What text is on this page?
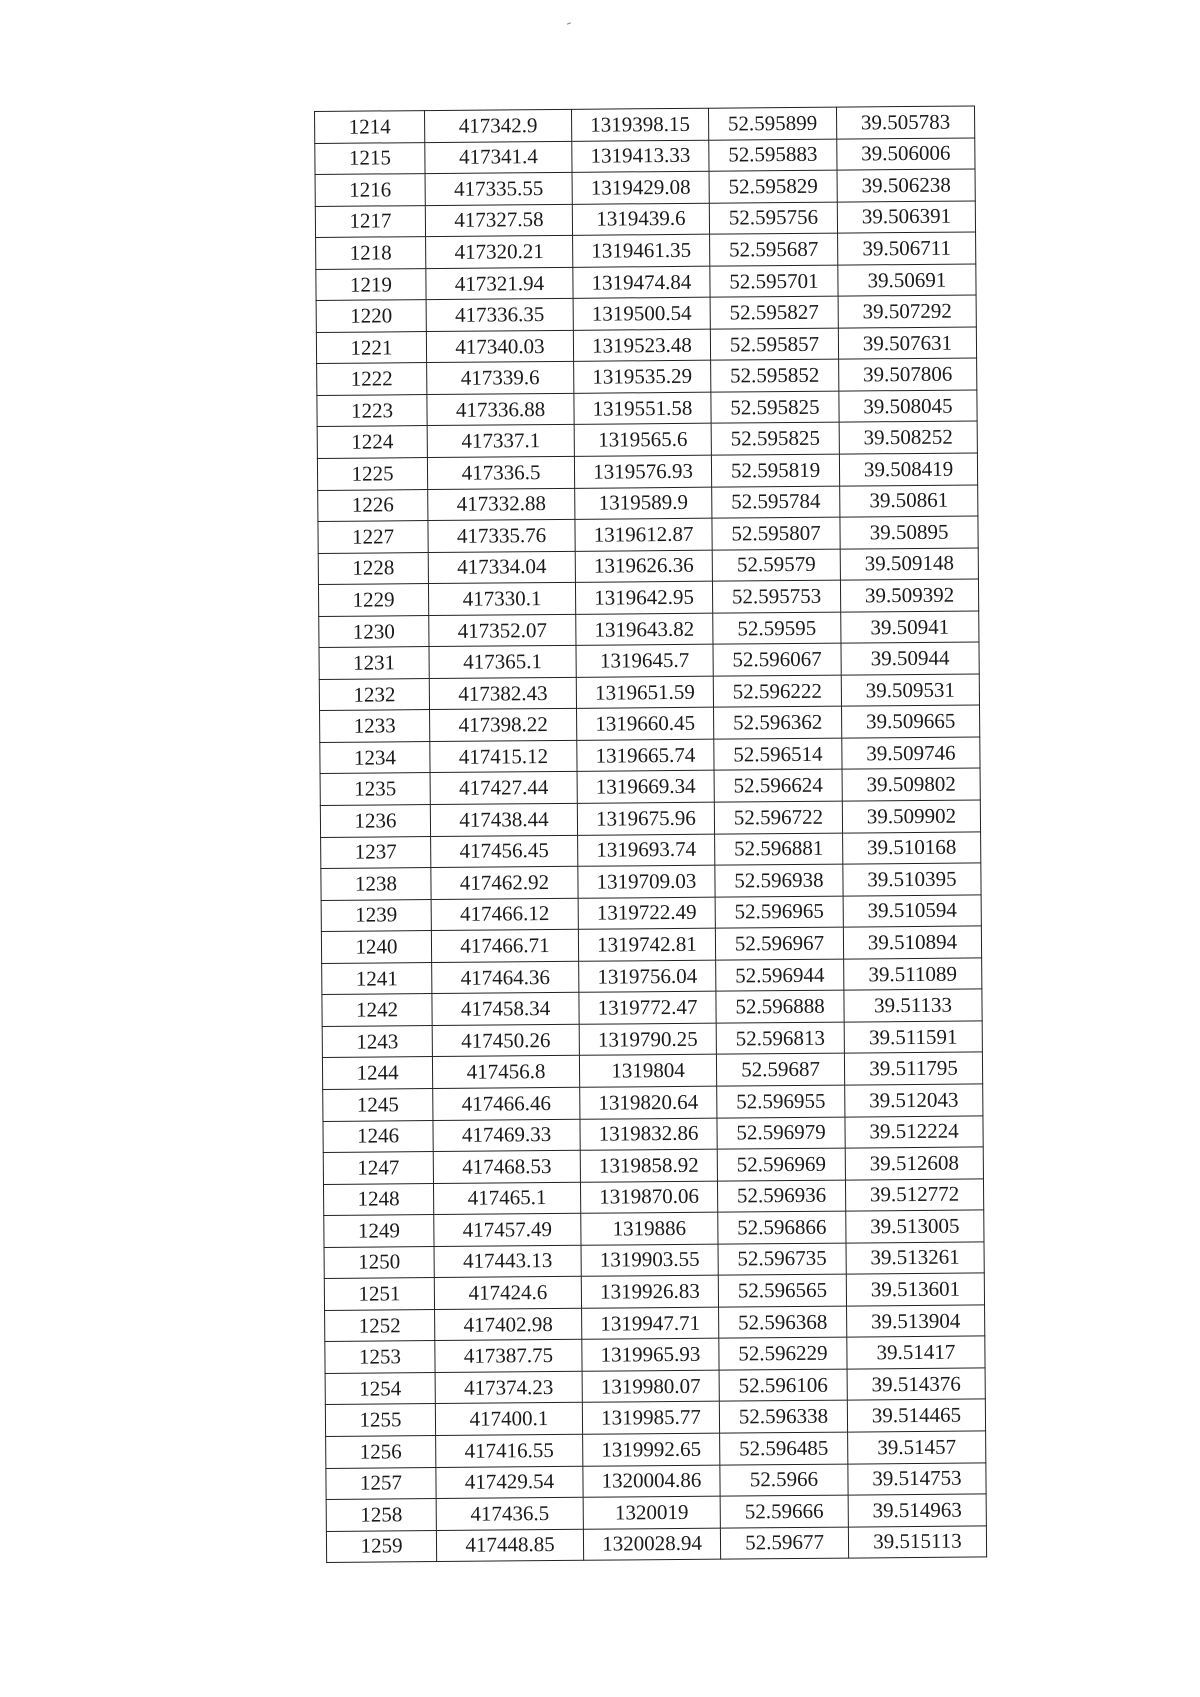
1214	417342.9	1319398.15	52.595899	39.505783
1215	417341.4	1319413.33	52.595883	39.506006
1216	417335.55	1319429.08	52.595829	39.506238
1217	417327.58	1319439.6	52.595756	39.506391
1218	417320.21	1319461.35	52.595687	39.506711
1219	417321.94	1319474.84	52.595701	39.50691
1220	417336.35	1319500.54	52.595827	39.507292
1221	417340.03	1319523.48	52.595857	39.507631
1222	417339.6	1319535.29	52.595852	39.507806
1223	417336.88	1319551.58	52.595825	39.508045
1224	417337.1	1319565.6	52.595825	39.508252
1225	417336.5	1319576.93	52.595819	39.508419
1226	417332.88	1319589.9	52.595784	39.50861
1227	417335.76	1319612.87	52.595807	39.50895
1228	417334.04	1319626.36	52.59579	39.509148
1229	417330.1	1319642.95	52.595753	39.509392
1230	417352.07	1319643.82	52.59595	39.50941
1231	417365.1	1319645.7	52.596067	39.50944
1232	417382.43	1319651.59	52.596222	39.509531
1233	417398.22	1319660.45	52.596362	39.509665
1234	417415.12	1319665.74	52.596514	39.509746
1235	417427.44	1319669.34	52.596624	39.509802
1236	417438.44	1319675.96	52.596722	39.509902
1237	417456.45	1319693.74	52.596881	39.510168
1238	417462.92	1319709.03	52.596938	39.510395
1239	417466.12	1319722.49	52.596965	39.510594
1240	417466.71	1319742.81	52.596967	39.510894
1241	417464.36	1319756.04	52.596944	39.511089
1242	417458.34	1319772.47	52.596888	39.51133
1243	417450.26	1319790.25	52.596813	39.511591
1244	417456.8	1319804	52.59687	39.511795
1245	417466.46	1319820.64	52.596955	39.512043
1246	417469.33	1319832.86	52.596979	39.512224
1247	417468.53	1319858.92	52.596969	39.512608
1248	417465.1	1319870.06	52.596936	39.512772
1249	417457.49	1319886	52.596866	39.513005
1250	417443.13	1319903.55	52.596735	39.513261
1251	417424.6	1319926.83	52.596565	39.513601
1252	417402.98	1319947.71	52.596368	39.513904
1253	417387.75	1319965.93	52.596229	39.51417
1254	417374.23	1319980.07	52.596106	39.514376
1255	417400.1	1319985.77	52.596338	39.514465
1256	417416.55	1319992.65	52.596485	39.51457
1257	417429.54	1320004.86	52.5966	39.514753
1258	417436.5	1320019	52.59666	39.514963
1259	417448.85	1320028.94	52.59677	39.515113
